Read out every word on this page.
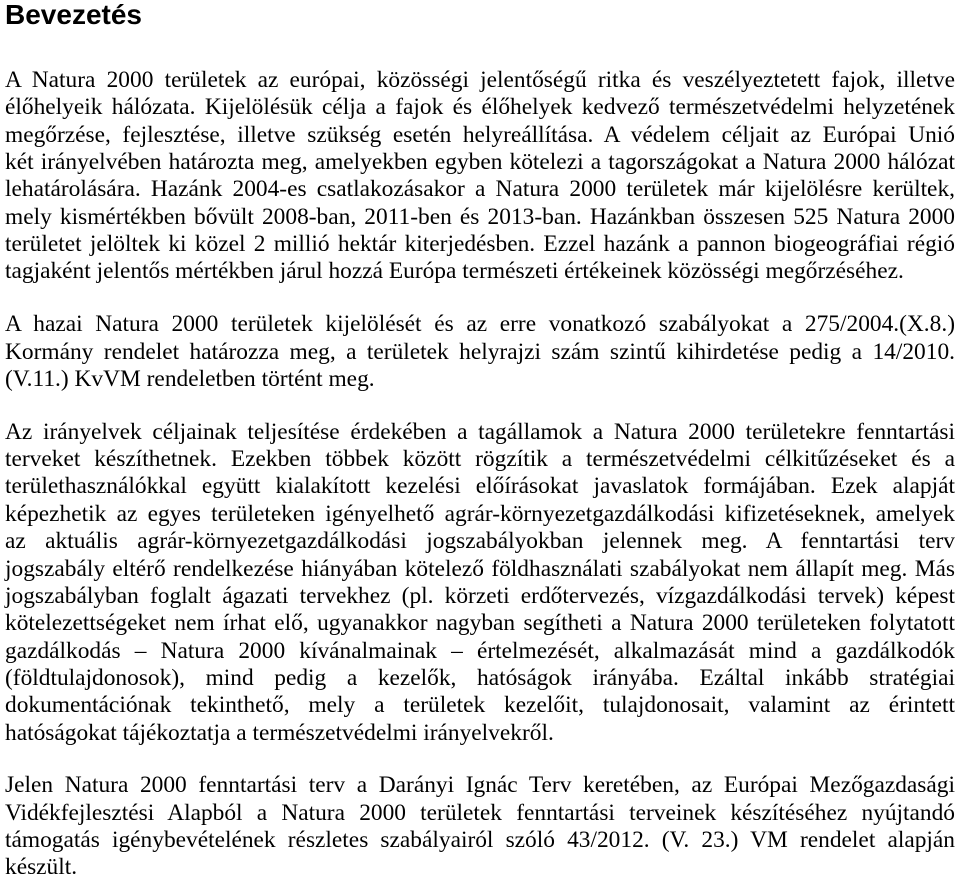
Bevezetés

A Natura 2000 területek az európai, közösségi jelentőségű ritka és veszélyeztetett fajok, illetve
élőhelyeik hálózata. Kijelölésük célja a fajok és élőhelyek kedvező természetvédelmi helyzetének
megőrzése, fejlesztése, illetve szükség esetén helyreállítása. A védelem céljait az Európai Unió
két irányelvében határozta meg, amelyekben egyben kötelezi a tagországokat a Natura 2000 hálózat
lehatárolására. Hazánk 2004-es csatlakozásakor a Natura 2000 területek már kijelölésre kerültek,
mely kismértékben bővült 2008-ban, 2011-ben és 2013-ban. Hazánkban összesen 525 Natura 2000
területet jelöltek ki közel 2 millió hektár kiterjedésben. Ezzel hazánk a pannon biogeográfiai régió
tagjaként jelentős mértékben járul hozzá Európa természeti értékeinek közösségi megőrzéséhez.

A hazai Natura 2000 területek kijelölését és az erre vonatkozó szabályokat a 275/2004.(X.8.)
Kormány rendelet határozza meg, a területek helyrajzi szám szintű kihirdetése pedig a 14/2010.
(V.11.) KvVM rendeletben történt meg.

Az irányelvek céljainak teljesítése érdekében a tagállamok a Natura 2000 területekre fenntartási
terveket készíthetnek. Ezekben többek között rögzítik a természetvédelmi célkitűzéseket és a
területhasználókkal együtt kialakított kezelési előírásokat javaslatok formájában. Ezek alapját
képezhetik az egyes területeken igényelhető agrár-környezetgazdálkodási kifizetéseknek, amelyek
az aktuális agrár-környezetgazdálkodási jogszabályokban jelennek meg. A fenntartási terv
jogszabály eltérő rendelkezése hiányában kötelező földhasználati szabályokat nem állapít meg. Más
jogszabályban foglalt ágazati tervekhez (pl. körzeti erdőtervezés, vízgazdálkodási tervek) képest
kötelezettségeket nem írhat elő, ugyanakkor nagyban segítheti a Natura 2000 területeken folytatott
gazdálkodás – Natura 2000 kívánalmainak – értelmezését, alkalmazását mind a gazdálkodók
(földtulajdonosok), mind pedig a kezelők, hatóságok irányába. Ezáltal inkább stratégiai
dokumentációnak tekinthető, mely a területek kezelőit, tulajdonosait, valamint az érintett
hatóságokat tájékoztatja a természetvédelmi irányelvekről.

Jelen Natura 2000 fenntartási terv a Darányi Ignác Terv keretében, az Európai Mezőgazdasági
Vidékfejlesztési Alapból a Natura 2000 területek fenntartási terveinek készítéséhez nyújtandó
támogatás igénybevételének részletes szabályairól szóló 43/2012. (V. 23.) VM rendelet alapján
készült.
